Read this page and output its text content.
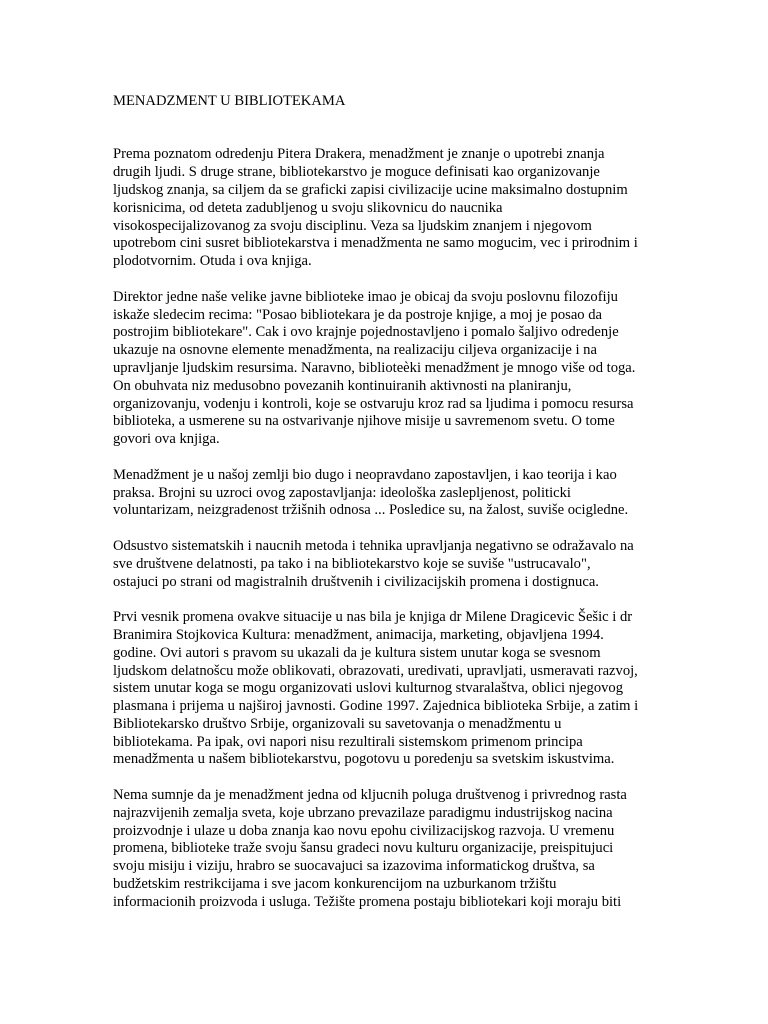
MENADZMENT U BIBLIOTEKAMA
Prema poznatom odredenju Pitera Drakera, menadžment je znanje o upotrebi znanja
drugih ljudi. S druge strane, bibliotekarstvo je moguce definisati kao organizovanje
ljudskog znanja, sa ciljem da se graficki zapisi civilizacije ucine maksimalno dostupnim
korisnicima, od deteta zadubljenog u svoju slikovnicu do naucnika
visokospecijalizovanog za svoju disciplinu. Veza sa ljudskim znanjem i njegovom
upotrebom cini susret bibliotekarstva i menadžmenta ne samo mogucim, vec i prirodnim i
plodotvornim. Otuda i ova knjiga.
Direktor jedne naše velike javne biblioteke imao je obicaj da svoju poslovnu filozofiju
iskaže sledecim recima: "Posao bibliotekara je da postroje knjige, a moj je posao da
postrojim bibliotekare". Cak i ovo krajnje pojednostavljeno i pomalo šaljivo odredenje
ukazuje na osnovne elemente menadžmenta, na realizaciju ciljeva organizacije i na
upravljanje ljudskim resursima. Naravno, biblioteèki menadžment je mnogo više od toga.
On obuhvata niz medusobno povezanih kontinuiranih aktivnosti na planiranju,
organizovanju, vodenju i kontroli, koje se ostvaruju kroz rad sa ljudima i pomocu resursa
biblioteka, a usmerene su na ostvarivanje njihove misije u savremenom svetu. O tome
govori ova knjiga.
Menadžment je u našoj zemlji bio dugo i neopravdano zapostavljen, i kao teorija i kao
praksa. Brojni su uzroci ovog zapostavljanja: ideološka zaslepljenost, politicki
voluntarizam, neizgradenost tržišnih odnosa ... Posledice su, na žalost, suviše ocigledne.
Odsustvo sistematskih i naucnih metoda i tehnika upravljanja negativno se odražavalo na
sve društvene delatnosti, pa tako i na bibliotekarstvo koje se suviše "ustrucavalo",
ostajuci po strani od magistralnih društvenih i civilizacijskih promena i dostignuca.
Prvi vesnik promena ovakve situacije u nas bila je knjiga dr Milene Dragicevic Šešic i dr
Branimira Stojkovica Kultura: menadžment, animacija, marketing, objavljena 1994.
godine. Ovi autori s pravom su ukazali da je kultura sistem unutar koga se svesnom
ljudskom delatnošcu može oblikovati, obrazovati, uredivati, upravljati, usmeravati razvoj,
sistem unutar koga se mogu organizovati uslovi kulturnog stvaralaštva, oblici njegovog
plasmana i prijema u najširoj javnosti. Godine 1997. Zajednica biblioteka Srbije, a zatim i
Bibliotekarsko društvo Srbije, organizovali su savetovanja o menadžmentu u
bibliotekama. Pa ipak, ovi napori nisu rezultirali sistemskom primenom principa
menadžmenta u našem bibliotekarstvu, pogotovu u poredenju sa svetskim iskustvima.
Nema sumnje da je menadžment jedna od kljucnih poluga društvenog i privrednog rasta
najrazvijenih zemalja sveta, koje ubrzano prevazilaze paradigmu industrijskog nacina
proizvodnje i ulaze u doba znanja kao novu epohu civilizacijskog razvoja. U vremenu
promena, biblioteke traže svoju šansu gradeci novu kulturu organizacije, preispitujuci
svoju misiju i viziju, hrabro se suocavajuci sa izazovima informatickog društva, sa
budžetskim restrikcijama i sve jacom konkurencijom na uzburkanom tržištu
informacionih proizvoda i usluga. Težište promena postaju bibliotekari koji moraju biti
